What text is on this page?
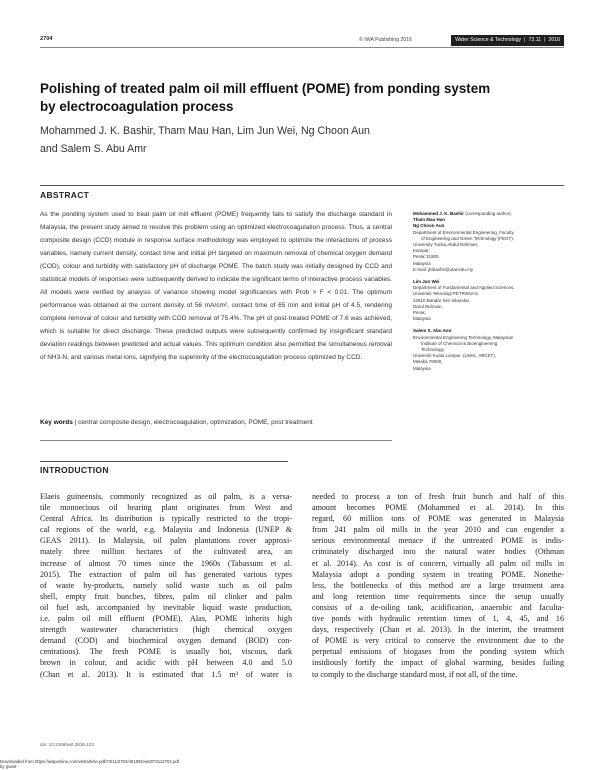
2704	© IWA Publishing 2016	Water Science & Technology | 73.11 | 2016
Polishing of treated palm oil mill effluent (POME) from ponding system by electrocoagulation process
Mohammed J. K. Bashir, Tham Mau Han, Lim Jun Wei, Ng Choon Aun
and Salem S. Abu Amr
ABSTRACT

As the ponding system used to treat palm oil mill effluent (POME) frequently fails to satisfy the discharge standard in Malaysia, the present study aimed to resolve this problem using an optimized electrocoagulation process. Thus, a central composite design (CCD) module in response surface methodology was employed to optimize the interactions of process variables, namely current density, contact time and initial pH targeted on maximum removal of chemical oxygen demand (COD), colour and turbidity with satisfactory pH of discharge POME. The batch study was initially designed by CCD and statistical models of responses were subsequently derived to indicate the significant terms of interactive process variables. All models were verified by analysis of variance showing model significances with Prob > F < 0.01. The optimum performance was obtained at the current density of 56 mA/cm², contact time of 65 min and initial pH of 4.5, rendering complete removal of colour and turbidity with COD removal of 75.4%. The pH of post-treated POME of 7.6 was achieved, which is suitable for direct discharge. These predicted outputs were subsequently confirmed by insignificant standard deviation readings between predicted and actual values. This optimum condition also permitted the simultaneous removal of NH3-N, and various metal ions, signifying the superiority of the electrocoagulation process optimized by CCD.

Key words | central composite design, electrocoagulation, optimization, POME, post treatment
Mohammed J. K. Bashir (corresponding author)
Tham Mau Han
Ng Choon Aun
Department of Environmental Engineering, Faculty
of Engineering and Green Technology (FEGT),
University Tunku Abdul Rahman,
Kampar,
Perak 31900,
Malaysia
E-mail: jktbashir@utar.edu.my
Lim Jun Wei
Department of Fundamental and Applied Sciences,
Universiti Teknologi PETRONAS,
32610 Bandar Seri Iskandar,
Darul Ridzuan,
Perak,
Malaysia
Salem S. Abu Amr
Environmental Engineering Technology, Malaysian
Institute of Chemical & Bioengineering
Technology,
Universiti Kuala Lumpur, (UniKL, MICET),
Melaka 78000,
Malaysia
INTRODUCTION
Elaeis guineensis, commonly recognized as oil palm, is a versa-
tile monoecious oil bearing plant originates from West and
Central Africa. Its distribution is typically restricted to the tropi-
cal regions of the world, e.g. Malaysia and Indonesia (UNEP &
GEAS 2011). In Malaysia, oil palm plantations cover approxi-
mately three million hectares of the cultivated area, an
increase of almost 70 times since the 1960s (Tabassum et al.
2015). The extraction of palm oil has generated various types
of waste by-products, namely solid waste such as oil palm
shell, empty fruit bunches, fibres, palm oil clinker and palm
oil fuel ash, accompanied by inevitable liquid waste production,
i.e. palm oil mill effluent (POME). Alas, POME inherits high
strength wastewater characteristics (high chemical oxygen
demand (COD) and biochemical oxygen demand (BOD) con-
centrations). The fresh POME is usually hot, viscous, dark
brown in colour, and acidic with pH between 4.0 and 5.0
(Chan et al. 2013). It is estimated that 1.5 m³ of water is
needed to process a ton of fresh fruit bunch and half of this
amount becomes POME (Mohammed et al. 2014). In this
regard, 60 million tons of POME was generated in Malaysia
from 241 palm oil mills in the year 2010 and can engender a
serious environmental menace if the untreated POME is indis-
criminately discharged into the natural water bodies (Othman
et al. 2014). As cost is of concern, virtually all palm oil mills in
Malaysia adopt a ponding system in treating POME. Nonethe-
less, the bottlenecks of this method are a large treatment area
and long retention time requirements since the setup usually
consists of a de-oiling tank, acidification, anaerobic and faculta-
tive ponds with hydraulic retention times of 1, 4, 45, and 16
days, respectively (Chan et al. 2013). In the interim, the treatment
of POME is very critical to conserve the environment due to the
perpetual emissions of biogases from the ponding system which
insidiously fortify the impact of global warming, besides failing
to comply to the discharge standard most, if not all, of the time.
doi: 10.2166/wst.2016.123
Downloaded from https://iwaponline.com/wst/article-pdf/73/11/2704/461991/wst073112704.pdf
by guest
